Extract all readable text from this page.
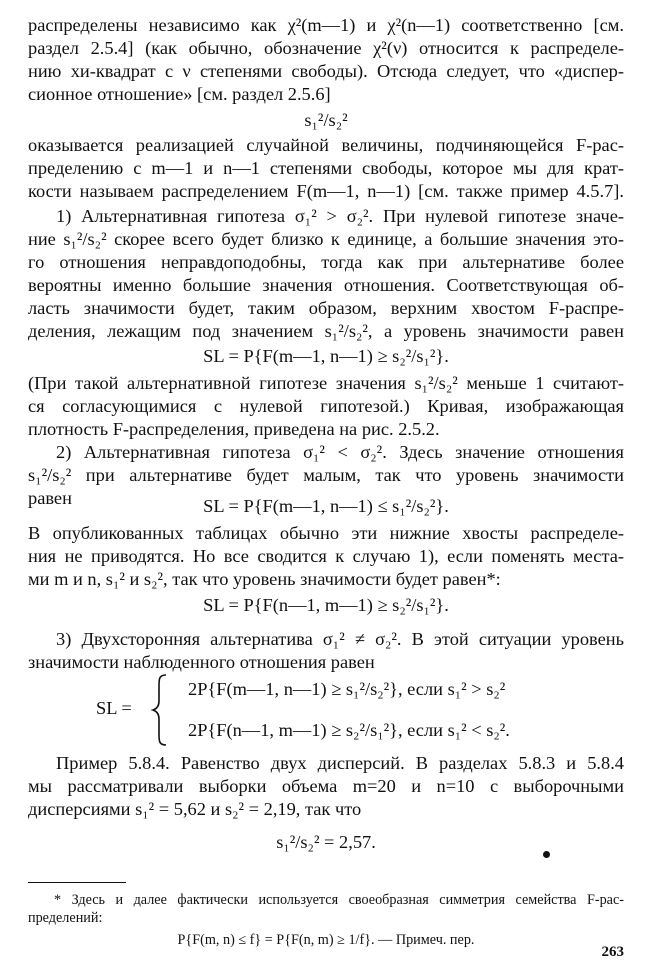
распределены независимо как χ²(m—1) и χ²(n—1) соответственно [см.
раздел 2.5.4] (как обычно, обозначение χ²(ν) относится к распределе-
нию хи-квадрат с ν степенями свободы). Отсюда следует, что «диспер-
сионное отношение» [см. раздел 2.5.6]
s₁²/s₂²
оказывается реализацией случайной величины, подчиняющейся F-рас-
пределению с m—1 и n—1 степенями свободы, которое мы для крат-
кости называем распределением F(m—1, n—1) [см. также пример 4.5.7].
1) Альтернативная гипотеза σ₁² > σ₂². При нулевой гипотезе значе-
ние s₁²/s₂² скорее всего будет близко к единице, а большие значения это-
го отношения неправдоподобны, тогда как при альтернативе более
вероятны именно большие значения отношения. Соответствующая об-
ласть значимости будет, таким образом, верхним хвостом F-распре-
деления, лежащим под значением s₁²/s₂², а уровень значимости равен
SL = P{F(m—1, n—1) ≥ s₂²/s₁²}.
(При такой альтернативной гипотезе значения s₁²/s₂² меньше 1 считают-
ся согласующимися с нулевой гипотезой.) Кривая, изображающая
плотность F-распределения, приведена на рис. 2.5.2.
2) Альтернативная гипотеза σ₁² < σ₂². Здесь значение отношения
s₁²/s₂² при альтернативе будет малым, так что уровень значимости
равен	SL = P{F(m—1, n—1) ≤ s₁²/s₂²}.
В опубликованных таблицах обычно эти нижние хвосты распределе-
ния не приводятся. Но все сводится к случаю 1), если поменять места-
ми m и n, s₁² и s₂², так что уровень значимости будет равен*:
SL = P{F(n—1, m—1) ≥ s₂²/s₁²}.
3) Двухсторонняя альтернатива σ₁² ≠ σ₂². В этой ситуации уровень
значимости наблюденного отношения равен
SL =
2P{F(m—1, n—1) ≥ s₁²/s₂²}, если s₁² > s₂²
2P{F(n—1, m—1) ≥ s₂²/s₁²}, если s₁² < s₂².
Пример 5.8.4. Равенство двух дисперсий. В разделах 5.8.3 и 5.8.4
мы рассматривали выборки объема m=20 и n=10 с выборочными
дисперсиями s₁² = 5,62 и s₂² = 2,19, так что
s₁²/s₂² = 2,57.
* Здесь и далее фактически используется своеобразная симметрия семейства F-рас-
пределений:
P{F(m, n) ≤ f} = P{F(n, m) ≥ 1/f}. — Примеч. пер.
263
